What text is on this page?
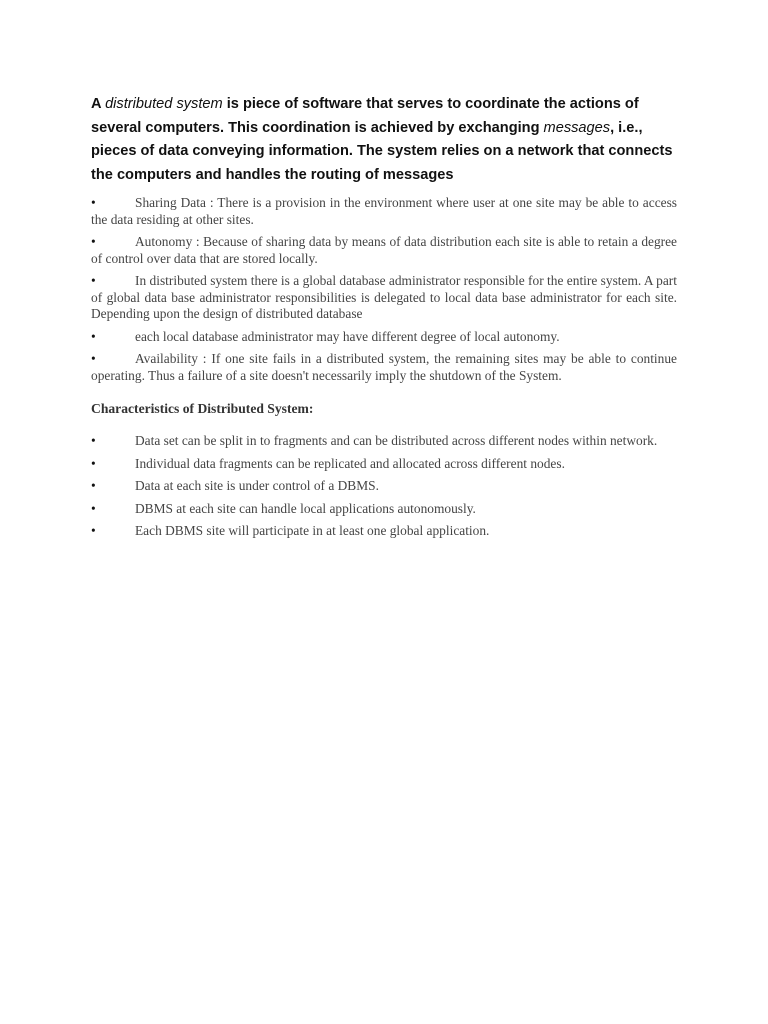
A distributed system is piece of software that serves to coordinate the actions of several computers. This coordination is achieved by exchanging messages, i.e., pieces of data conveying information. The system relies on a network that connects the computers and handles the routing of messages

•	Sharing Data : There is a provision in the environment where user at one site may be able to access the data residing at other sites.
•	Autonomy : Because of sharing data by means of data distribution each site is able to retain a degree of control over data that are stored locally.
•	In distributed system there is a global database administrator responsible for the entire system. A part of global data base administrator responsibilities is delegated to local data base administrator for each site. Depending upon the design of distributed database
•	each local database administrator may have different degree of local autonomy.
•	Availability : If one site fails in a distributed system, the remaining sites may be able to continue operating. Thus a failure of a site doesn't necessarily imply the shutdown of the System.

Characteristics of Distributed System:

•	Data set can be split in to fragments and can be distributed across different nodes within network.
•	Individual data fragments can be replicated and allocated across different nodes.
•	Data at each site is under control of a DBMS.
•	DBMS at each site can handle local applications autonomously.
•	Each DBMS site will participate in at least one global application.
